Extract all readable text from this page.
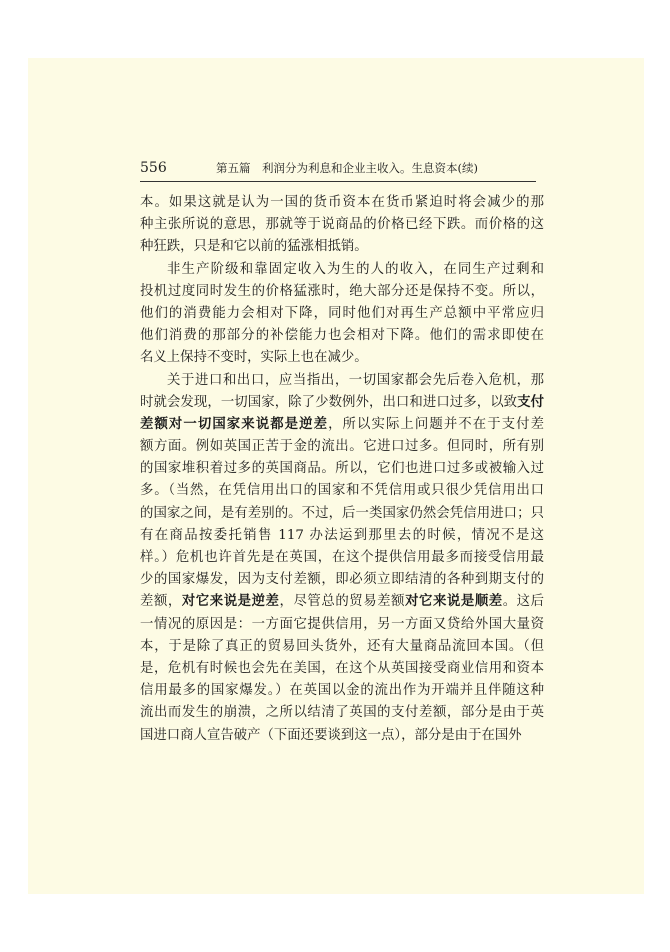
556	第五篇　利润分为利息和企业主收入。生息资本(续)
本。如果这就是认为一国的货币资本在货币紧迫时将会减少的那
种主张所说的意思，那就等于说商品的价格已经下跌。而价格的这
种狂跌，只是和它以前的猛涨相抵销。
非生产阶级和靠固定收入为生的人的收入，在同生产过剩和
投机过度同时发生的价格猛涨时，绝大部分还是保持不变。所以，
他们的消费能力会相对下降，同时他们对再生产总额中平常应归
他们消费的那部分的补偿能力也会相对下降。他们的需求即使在
名义上保持不变时，实际上也在减少。
关于进口和出口，应当指出，一切国家都会先后卷入危机，那
时就会发现，一切国家，除了少数例外，出口和进口过多，以致支付
差额对一切国家来说都是逆差，所以实际上问题并不在于支付差
额方面。例如英国正苦于金的流出。它进口过多。但同时，所有别
的国家堆积着过多的英国商品。所以，它们也进口过多或被输入过
多。（当然，在凭信用出口的国家和不凭信用或只很少凭信用出口
的国家之间，是有差别的。不过，后一类国家仍然会凭信用进口；只
有在商品按委托销售 117 办法运到那里去的时候，情况不是这
样。）危机也许首先是在英国，在这个提供信用最多而接受信用最
少的国家爆发，因为支付差额，即必须立即结清的各种到期支付的
差额，对它来说是逆差，尽管总的贸易差额对它来说是顺差。这后
一情况的原因是：一方面它提供信用，另一方面又贷给外国大量资
本，于是除了真正的贸易回头货外，还有大量商品流回本国。（但
是，危机有时候也会先在美国，在这个从英国接受商业信用和资本
信用最多的国家爆发。）在英国以金的流出作为开端并且伴随这种
流出而发生的崩溃，之所以结清了英国的支付差额，部分是由于英
国进口商人宣告破产（下面还要谈到这一点），部分是由于在国外
